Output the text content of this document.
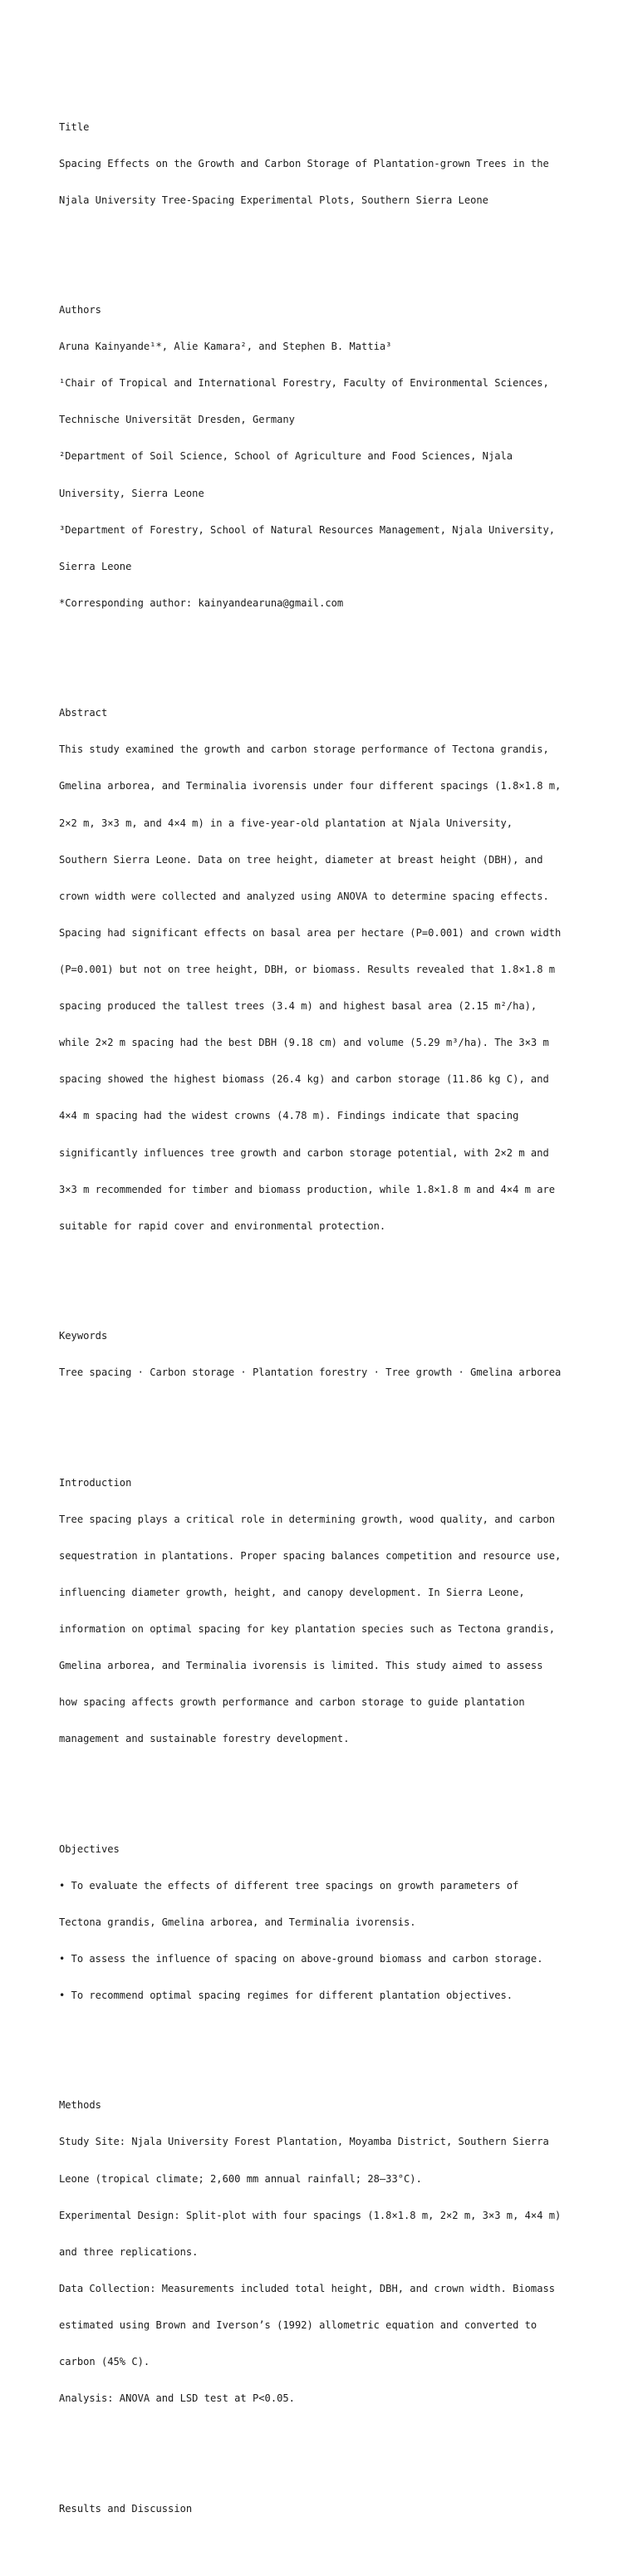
Title

Spacing Effects on the Growth and Carbon Storage of Plantation-grown Trees in the

Njala University Tree-Spacing Experimental Plots, Southern Sierra Leone

Authors

Aruna Kainyande¹*, Alie Kamara², and Stephen B. Mattia³

¹Chair of Tropical and International Forestry, Faculty of Environmental Sciences,

Technische Universität Dresden, Germany

²Department of Soil Science, School of Agriculture and Food Sciences, Njala

University, Sierra Leone

³Department of Forestry, School of Natural Resources Management, Njala University,

Sierra Leone

*Corresponding author: kainyandearuna@gmail.com

Abstract

This study examined the growth and carbon storage performance of Tectona grandis,

Gmelina arborea, and Terminalia ivorensis under four different spacings (1.8×1.8 m,

2×2 m, 3×3 m, and 4×4 m) in a five-year-old plantation at Njala University,

Southern Sierra Leone. Data on tree height, diameter at breast height (DBH), and

crown width were collected and analyzed using ANOVA to determine spacing effects.

Spacing had significant effects on basal area per hectare (P=0.001) and crown width

(P=0.001) but not on tree height, DBH, or biomass. Results revealed that 1.8×1.8 m

spacing produced the tallest trees (3.4 m) and highest basal area (2.15 m²/ha),

while 2×2 m spacing had the best DBH (9.18 cm) and volume (5.29 m³/ha). The 3×3 m

spacing showed the highest biomass (26.4 kg) and carbon storage (11.86 kg C), and

4×4 m spacing had the widest crowns (4.78 m). Findings indicate that spacing

significantly influences tree growth and carbon storage potential, with 2×2 m and

3×3 m recommended for timber and biomass production, while 1.8×1.8 m and 4×4 m are

suitable for rapid cover and environmental protection.

Keywords

Tree spacing · Carbon storage · Plantation forestry · Tree growth · Gmelina arborea

Introduction

Tree spacing plays a critical role in determining growth, wood quality, and carbon

sequestration in plantations. Proper spacing balances competition and resource use,

influencing diameter growth, height, and canopy development. In Sierra Leone,

information on optimal spacing for key plantation species such as Tectona grandis,

Gmelina arborea, and Terminalia ivorensis is limited. This study aimed to assess

how spacing affects growth performance and carbon storage to guide plantation

management and sustainable forestry development.

Objectives

• To evaluate the effects of different tree spacings on growth parameters of

Tectona grandis, Gmelina arborea, and Terminalia ivorensis.

• To assess the influence of spacing on above-ground biomass and carbon storage.

• To recommend optimal spacing regimes for different plantation objectives.

Methods

Study Site: Njala University Forest Plantation, Moyamba District, Southern Sierra

Leone (tropical climate; 2,600 mm annual rainfall; 28–33°C).

Experimental Design: Split-plot with four spacings (1.8×1.8 m, 2×2 m, 3×3 m, 4×4 m)

and three replications.

Data Collection: Measurements included total height, DBH, and crown width. Biomass

estimated using Brown and Iverson’s (1992) allometric equation and converted to

carbon (45% C).

Analysis: ANOVA and LSD test at P<0.05.

Results and Discussion
